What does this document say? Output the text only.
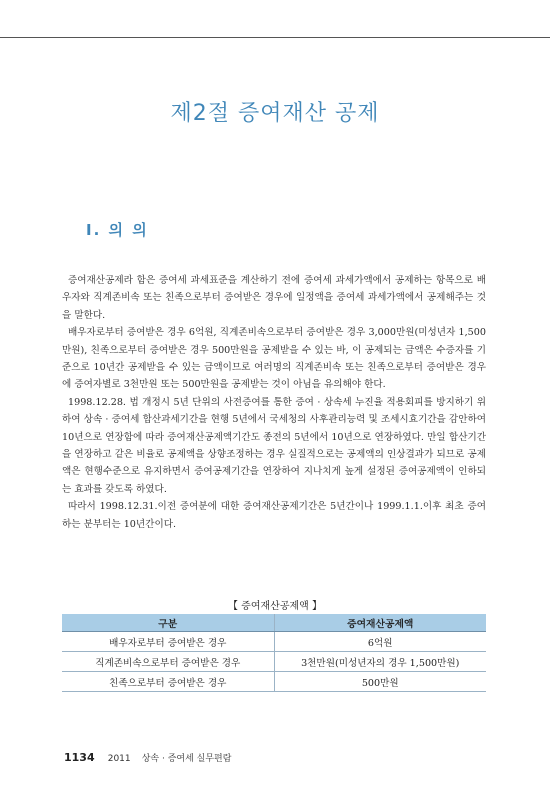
제2절 증여재산 공제
Ⅰ. 의 의

증여재산공제라 함은 증여세 과세표준을 계산하기 전에 증여세 과세가액에서 공제하는 항목으로 배우자와 직계존비속 또는 친족으로부터 증여받은 경우에 일정액을 증여세 과세가액에서 공제해주는 것을 말한다.

배우자로부터 증여받은 경우 6억원, 직계존비속으로부터 증여받은 경우 3,000만원(미성년자 1,500만원), 친족으로부터 증여받은 경우 500만원을 공제받을 수 있는 바, 이 공제되는 금액은 수증자를 기준으로 10년간 공제받을 수 있는 금액이므로 여러명의 직계존비속 또는 친족으로부터 증여받은 경우에 증여자별로 3천만원 또는 500만원을 공제받는 것이 아님을 유의해야 한다.

1998.12.28. 법 개정시 5년 단위의 사전증여를 통한 증여 · 상속세 누진율 적용회피를 방지하기 위하여 상속 · 증여세 합산과세기간을 현행 5년에서 국세청의 사후관리능력 및 조세시효기간을 감안하여 10년으로 연장함에 따라 증여재산공제액기간도 종전의 5년에서 10년으로 연장하였다. 만일 합산기간을 연장하고 같은 비율로 공제액을 상향조정하는 경우 실질적으로는 공제액의 인상결과가 되므로 공제액은 현행수준으로 유지하면서 증여공제기간을 연장하여 지나치게 높게 설정된 증여공제액이 인하되는 효과를 갖도록 하였다.

따라서 1998.12.31.이전 증여분에 대한 증여재산공제기간은 5년간이나 1999.1.1.이후 최초 증여하는 분부터는 10년간이다.

【 증여재산공제액 】
구분	증여재산공제액
배우자로부터 증여받은 경우	6억원
직계존비속으로부터 증여받은 경우	3천만원(미성년자의 경우 1,500만원)
친족으로부터 증여받은 경우	500만원
1134 2011 상속 · 증여세 실무편람
